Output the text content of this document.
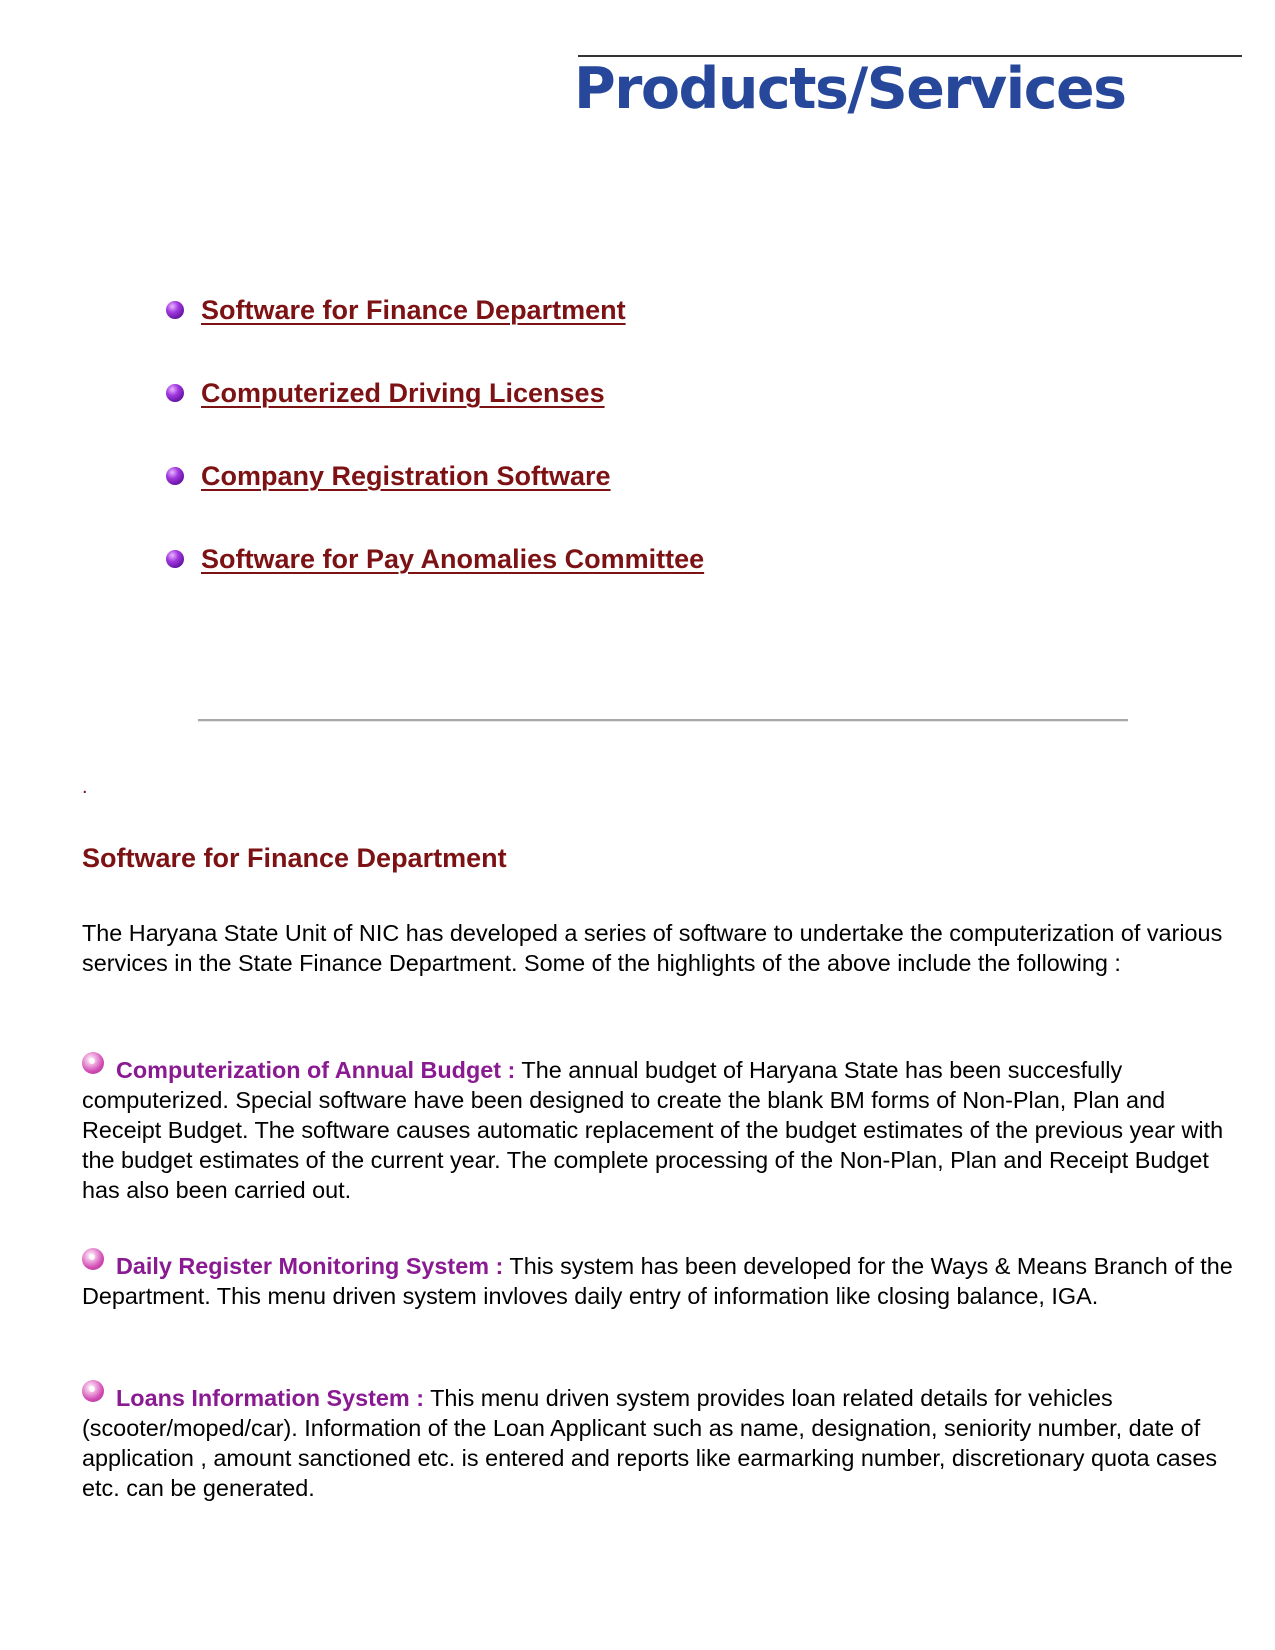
Products/Services
Software for Finance Department
Computerized Driving Licenses
Company Registration Software
Software for Pay Anomalies Committee
.
Software for Finance Department

The Haryana State Unit of NIC has developed a series of software to undertake the computerization of various services in the State Finance Department. Some of the highlights of the above include the following :

Computerization of Annual Budget : The annual budget of Haryana State has been succesfully computerized. Special software have been designed to create the blank BM forms of Non-Plan, Plan and Receipt Budget. The software causes automatic replacement of the budget estimates of the previous year with the budget estimates of the current year. The complete processing of the Non-Plan, Plan and Receipt Budget has also been carried out.

Daily Register Monitoring System : This system has been developed for the Ways & Means Branch of the Department. This menu driven system invloves daily entry of information like closing balance, IGA.

Loans Information System : This menu driven system provides loan related details for vehicles (scooter/moped/car). Information of the Loan Applicant such as name, designation, seniority number, date of application , amount sanctioned etc. is entered and reports like earmarking number, discretionary quota cases etc. can be generated.
